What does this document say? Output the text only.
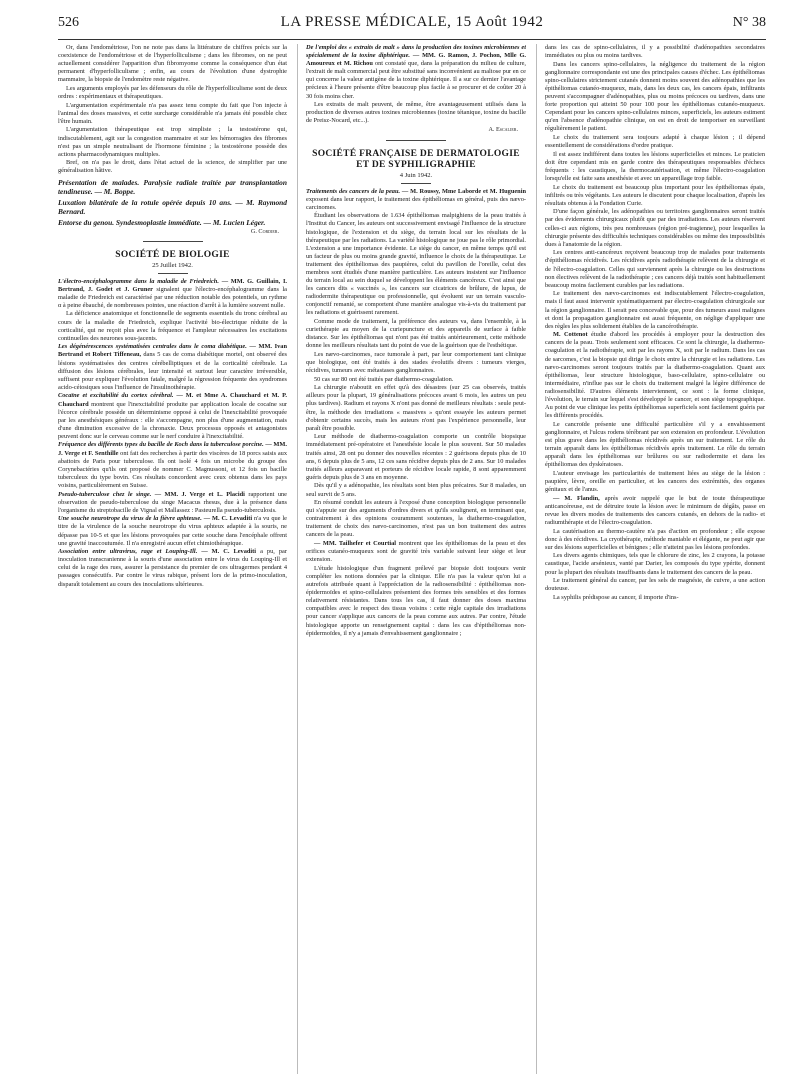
526	LA PRESSE MÉDICALE, 15 Août 1942	N° 38

Or, dans l'endométriose, l'on ne note pas dans la littérature de chiffres précis sur la coexistence de l'endométriose et de l'hyperfolliculisme ; dans les fibromes, on ne peut actuellement considérer l'apparition d'un fibromyome comme la conséquence d'un état permanent d'hyperfolliculisme ; enfin, au cours de l'évolution d'une dystrophie mammaire, la biopsie de l'endomètre reste négative.

Les arguments employés par les défenseurs du rôle de l'hyperfolliculisme sont de deux ordres : expérimentaux et thérapeutiques.

L'argumentation expérimentale n'a pas assez tenu compte du fait que l'on injecte à l'animal des doses massives, et cette surcharge considérable n'a jamais été possible chez l'être humain.

L'argumentation thérapeutique est trop simpliste ; la testostérone qui, indiscutablement, agit sur la congestion mammaire et sur les hémorragies des fibromes n'est pas un simple neutralisant de l'hormone féminine ; la testostérone possède des actions pharmacodynamiques multiples.

Bref, on n'a pas le droit, dans l'état actuel de la science, de simplifier par une généralisation hâtive.

Présentation de malades. Paralysie radiale traitée par transplantation tendineuse. — M. Boppe.

Luxation bilatérale de la rotule opérée depuis 10 ans. — M. Raymond Bernard.

Entorse du genou. Syndesmoplastie immédiate. — M. Lucien Léger.

G. Cordier.
SOCIÉTÉ DE BIOLOGIE
25 Juillet 1942.

L'électro-encéphalogramme dans la maladie de Friedreich. — MM. G. Guillain, I. Bertrand, J. Godet et J. Gruner signalent que l'électro-encéphalogramme dans la maladie de Friedreich est caractérisé par une réduction notable des potentiels, un rythme α à peine ébauché, de nombreuses pointes, une réaction d'arrêt à la lumière souvent nulle.

La déficience anatomique et fonctionnelle de segments essentiels du tronc cérébral au cours de la maladie de Friedreich, explique l'activité bio-électrique réduite de la corticalité, qui ne reçoit plus avec la fréquence et l'ampleur nécessaires les excitations continuelles des neurones sous-jacents.

Les dégénérescences systématisées centrales dans le coma diabétique. — MM. Ivan Bertrand et Robert Tiffeneau, dans 5 cas de coma diabétique mortel, ont observé des lésions systématisées des centres cérébelliptiques et de la corticalité cérébrale. La diffusion des lésions cérébrales, leur intensité et surtout leur caractère irréversible, suffisent pour expliquer l'évolution fatale, malgré la régression fréquente des syndromes acido-cétosiques sous l'influence de l'insulinothérapie.

Cocaïne et excitabilité du cortex cérébral. — M. et Mme A. Chauchard et M. P. Chauchard montrent que l'inexcitabilité produite par application locale de cocaïne sur l'écorce cérébrale possède un déterminisme opposé à celui de l'inexcitabilité provoquée par les anesthésiques généraux : elle s'accompagne, non plus d'une augmentation, mais d'une diminution excessive de la chronaxie. Deux processus opposés et antagonistes peuvent donc sur le cerveau comme sur le nerf conduire à l'inexcitabilité.

Fréquence des différents types du bacille de Koch dans la tuberculose porcine. — MM. J. Verge et F. Senthille ont fait des recherches à partir des viscères de 18 porcs saisis aux abattoirs de Paris pour tuberculose. Ils ont isolé 4 fois un microbe du groupe des Corynebactéries qu'ils ont proposé de nommer C. Magnussoni, et 12 fois un bacille tuberculeux du type bovin. Ces résultats concordent avec ceux obtenus dans les pays voisins, particulièrement en Suisse.

Pseudo-tuberculose chez le singe. — MM. J. Verge et L. Placidi rapportent une observation de pseudo-tuberculose du singe Macacus rhesus, due à la présence dans l'organisme du streptobacille de Vignal et Mallassez : Pasteurella pseudo-tuberculosis.

Une souche neurotrope du virus de la fièvre aphteuse. — M. C. Levaditi n'a vu que le titre de la virulence de la souche neurotrope du virus aphteux adaptée à la souris, ne dépasse pas 10-5 et que les lésions provoquées par cette souche dans l'encéphale offrent une gravité inaccoutumée. Il n'a enregistré aucun effet chimiothérapique.

Association entre ultravirus, rage et Louping-Ill. — M. C. Levaditi a pu, par inoculation transcranienne à la souris d'une association entre le virus du Louping-Ill et celui de la rage des rues, assurer la persistance du premier de ces ultragermes pendant 4 passages consécutifs. Par contre le virus rabique, présent lors de la primo-inoculation, disparaît totalement au cours des inoculations ultérieures.

De l'emploi des « extraits de malt » dans la production des toxines microbiennes et spécialement de la toxine diphtérique. — MM. G. Ramon, J. Pochon, Mlle G. Amoureux et M. Richou ont constaté que, dans la préparation du milieu de culture, l'extrait de malt commercial peut être substitué sans inconvénient au maltose pur en ce qui concerne la valeur antigène de la toxine diphtérique. Il a sur ce dernier l'avantage précieux à l'heure présente d'être beaucoup plus facile à se procurer et de coûter 20 à 30 fois moins cher.

Les extraits de malt peuvent, de même, être avantageusement utilisés dans la production de diverses autres toxines microbiennes (toxine tétanique, toxine du bacille de Preisz-Nocard, etc...).

A. Escalier.
SOCIÉTÉ FRANÇAISE DE DERMATOLOGIE ET DE SYPHILIGRAPHIE
4 Juin 1942.

Traitements des cancers de la peau. — M. Roussy, Mme Laborde et M. Huguenin exposent dans leur rapport, le traitement des épithéliomas en général, puis des nævo-carcinomes.

Étudiant les observations de 1.634 épithéliomas malpighiens de la peau traités à l'Institut du Cancer, les auteurs ont successivement envisagé l'influence de la structure histologique, de l'extension et du siège, du terrain local sur les résultats de la thérapeutique par les radiations. La variété histologique ne joue pas le rôle primordial. L'extension a une importance évidente. Le siège du cancer, en même temps qu'il est un facteur de plus ou moins grande gravité, influence le choix de la thérapeutique. Le traitement des épithéliomas des paupières, celui du pavillon de l'oreille, celui des membres sont étudiés d'une manière particulière. Les auteurs insistent sur l'influence du terrain local au sein duquel se développent les éléments cancéreux. C'est ainsi que les cancers dits « vaccinés », les cancers sur cicatrices de brûlure, de lupus, de radiodermite thérapeutique ou professionnelle, qui évoluent sur un terrain vasculo-conjonctif remanié, se comportent d'une manière analogue vis-à-vis du traitement par les radiations et guérissent rarement.

Comme mode de traitement, la préférence des auteurs va, dans l'ensemble, à la curiethérapie au moyen de la curiepuncture et des appareils de surface à faible distance. Sur les épithéliomas qui n'ont pas été traités antérieurement, cette méthode donne les meilleurs résultats tant du point de vue de la guérison que de l'esthétique.

Les nævo-carcinomes, race tumorale à part, par leur comportement tant clinique que biologique, ont été traités à des stades évolutifs divers : tumeurs vierges, récidives, tumeurs avec métastases ganglionnaires.

50 cas sur 80 ont été traités par diathermo-coagulation.

La chirurgie n'aboutit en effet qu'à des désastres (sur 25 cas observés, traités ailleurs pour la plupart, 19 généralisations précoces avant 6 mois, les autres un peu plus tardives). Radium et rayons X n'ont pas donné de meilleurs résultats : seule peut-être, la méthode des irradiations « massives » qu'ont essayée les auteurs permet d'obtenir certains succès, mais les auteurs n'ont pas l'expérience personnelle, leur paraît être possible.

Leur méthode de diathermo-coagulation comporte un contrôle biopsique immédiatement pré-opératoire et l'anesthésie locale le plus souvent. Sur 50 malades traités ainsi, 28 ont pu donner des nouvelles récentes : 2 guérisons depuis plus de 10 ans, 6 depuis plus de 5 ans, 12 ces sans récidive depuis plus de 2 ans. Sur 10 malades traités ailleurs auparavant et porteurs de récidive locale rapide, 8 sont apparemment guéris depuis plus de 3 ans en moyenne.

Dès qu'il y a adénopathie, les résultats sont bien plus précaires. Sur 8 malades, un seul survit de 5 ans.

En résumé conduit les auteurs à l'exposé d'une conception biologique personnelle qui s'appuie sur des arguments d'ordres divers et qu'ils soulignent, en terminant que, contrairement à des opinions couramment soutenues, la diathermo-coagulation, traitement de choix des nævo-carcinomes, n'est pas un bon traitement des autres cancers de la peau.

— MM. Tailhefer et Courtial montrent que les épithéliomas de la peau et des orifices cutanéo-muqueux sont de gravité très variable suivant leur siège et leur extension.

L'étude histologique d'un fragment prélevé par biopsie doit toujours venir compléter les notions données par la clinique. Elle n'a pas la valeur qu'on lui a autrefois attribuée quant à l'appréciation de la radiosensibilité : épithéliomas non-épidermoïdes et spino-cellulaires présentent des formes très sensibles et des formes relativement résistantes. Dans tous les cas, il faut donner des doses maxima compatibles avec le respect des tissus voisins : cette règle capitale des irradiations pour cancer s'applique aux cancers de la peau comme aux autres. Par contre, l'étude histologique apporte un renseignement capital : dans les cas d'épithéliomas non-épidermoïdes, il n'y a jamais d'envahissement ganglionnaire ;

dans les cas de spino-cellulaires, il y a possibilité d'adénopathies secondaires immédiates ou plus ou moins tardives.

Dans les cancers spino-cellulaires, la négligence du traitement de la région ganglionnaire correspondante est une des principales causes d'échec. Les épithéliomas spino-cellulaires strictement cutanés donnent moins souvent des adénopathies que les épithéliomas cutanéo-muqueux, mais, dans les deux cas, les cancers épais, infiltrants peuvent s'accompagner d'adénopathies, plus ou moins précoces ou tardives, dans une forte proportion qui atteint 50 pour 100 pour les épithéliomas cutanéo-muqueux. Cependant pour les cancers spino-cellulaires minces, superficiels, les auteurs estiment qu'en l'absence d'adénopathie clinique, on est en droit de temporiser en surveillant régulièrement le patient.

Le choix du traitement sera toujours adapté à chaque lésion ; il dépend essentiellement de considérations d'ordre pratique.

Il est assez indifférent dans toutes les lésions superficielles et minces. Le praticien doit être cependant mis en garde contre des thérapeutiques responsables d'échecs fréquents : les caustiques, la thermocautérisation, et même l'électro-coagulation lorsqu'elle est faite sans anesthésie et avec un appareillage trop faible.

Le choix du traitement est beaucoup plus important pour les épithéliomas épais, infiltrés ou très végétants. Les auteurs le discutent pour chaque localisation, d'après les résultats obtenus à la Fondation Curie.

D'une façon générale, les adénopathies ou territoires ganglionnaires seront traités par des évidements chirurgicaux plutôt que par des irradiations. Les auteurs réservent celles-ci aux régions, très peu nombreuses (région pré-tragienne), pour lesquelles la chirurgie présente des difficultés techniques considérables ou même des impossibilités dues à l'anatomie de la région.

Les centres anti-cancéreux reçoivent beaucoup trop de malades pour traitements d'épithéliomas récidivés. Les récidives après radiothérapie relèvent de la chirurgie et de l'électro-coagulation. Celles qui surviennent après la chirurgie ou les destructions non électives relèvent de la radiothérapie ; ces cancers déjà traités sont habituellement beaucoup moins facilement curables par les radiations.

Le traitement des nævo-carcinomes est indiscutablement l'électro-coagulation, mais il faut aussi intervenir systématiquement par électro-coagulation chirurgicale sur la région ganglionnaire. Il serait peu concevable que, pour des tumeurs aussi malignes et dont la propagation ganglionnaire est aussi fréquente, on néglige d'appliquer une des règles les plus solidement établies de la cancérothérapie.

M. Cottenot étudie d'abord les procédés à employer pour la destruction des cancers de la peau. Trois seulement sont efficaces. Ce sont la chirurgie, la diathermo-coagulation et la radiothérapie, soit par les rayons X, soit par le radium. Dans les cas de sarcomes, c'est la biopsie qui dirige le choix entre la chirurgie et les radiations. Les nævo-carcinomes seront toujours traités par la diathermo-coagulation. Quant aux épithéliomas, leur structure histologique, baso-cellulaire, spino-cellulaire ou intermédiaire, n'influe pas sur le choix du traitement malgré la légère différence de radiosensibilité. D'autres éléments interviennent, ce sont : la forme clinique, l'évolution, le terrain sur lequel s'est développé le cancer, et son siège topographique. Au point de vue clinique les petits épithéliomas superficiels sont facilement guéris par les différents procédés.

Le cancroïde présente une difficulté particulière s'il y a envahissement ganglionnaire, et l'ulcus rodens térébrant par son extension en profondeur. L'évolution est plus grave dans les épithéliomas récidivés après un sur traitement. Le rôle du terrain apparaît dans les épithéliomas récidivés après traitement. Le rôle du terrain apparaît dans les épithéliomas sur brûlures ou sur radiodermite et dans les épithéliomas des dyskératoses.

L'auteur envisage les particularités de traitement liées au siège de la lésion : paupière, lèvre, oreille en particulier, et les cancers des extrémités, des organes génitaux et de l'anus.

— M. Flandin, après avoir rappelé que le but de toute thérapeutique anticancéreuse, est de détruire toute la lésion avec le minimum de dégâts, passe en revue les divers modes de traitements des cancers cutanés, en dehors de la radio- et radiumthérapie et de l'électro-coagulation.

La cautérisation au thermo-cautère n'a pas d'action en profondeur ; elle expose donc à des récidives. La cryothérapie, méthode maniable et élégante, ne peut agir que sur des lésions superficielles et bénignes ; elle n'atteint pas les lésions profondes.

Les divers agents chimiques, tels que le chlorure de zinc, les 2 crayons, la potasse caustique, l'acide arsénieux, vanté par Darier, les composés du type ypérite, donnent pour la plupart des résultats insuffisants dans le traitement des cancers de la peau.

Le traitement général du cancer, par les sels de magnésie, de cuivre, a une action douteuse.

La syphilis prédispose au cancer, il importe d'ins-
